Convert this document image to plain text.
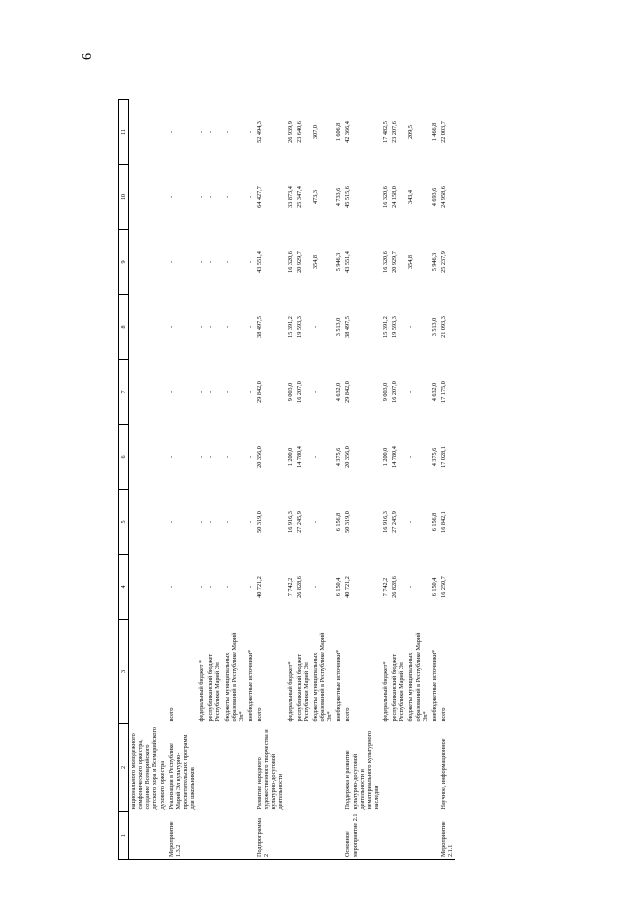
6
1	2	3	4	5	6	7	8	9	10	11
	национального молодежного симфонического оркестра, создание Всемарийского детского хора и Всемарийского духового оркестра									
Мероприятие 1.3.2	Реализация в Республике Марий Эл культурно-просветительских программ для школьников	всего	-	-	-	-	-	-	-	-
		федеральный бюджет *	-	-	-	-	-	-	-	-
		республиканский бюджет Республики Марий Эл	-	-	-	-	-	-	-	-
		бюджеты муниципальных образований в Республике Марий Эл*	-	-	-	-	-	-	-	-
		внебюджетные источники*	-	-	-	-	-	-	-	-
Подпрограмма 2	Развитие народного художественного творчества и культурно-досуговой деятельности	всего	40 721,2	50 319,0	20 356,0	29 842,0	38 497,5	43 551,4	64 427,7	52 494,3
		федеральный бюджет*	7 742,2	16 916,3	1 200,0	9 003,0	15 391,2	16 320,6	33 873,4	26 939,9
		республиканский бюджет Республики Марий Эл	26 828,6	27 245,9	14 780,4	16 207,0	19 593,3	20 929,7	25 347,4	23 640,6
		бюджеты муниципальных образований в Республике Марий Эл*	-	-	-	-	-	354,8	473,3	307,0
		внебюджетные источники*	6 150,4	6 156,8	4 375,6	4 632,0	3 513,0	5 946,3	4 733,6	1 606,8
Основное мероприятие 2.1	Поддержка и развитие культурно-досуговой деятельности и нематериального культурного наследия	всего	40 721,2	50 319,0	20 356,0	29 842,0	38 497,5	43 551,4	45 515,6	42 366,4
		федеральный бюджет*	7 742,2	16 916,3	1 200,0	9 003,0	15 391,2	16 320,6	16 320,6	17 482,5
		республиканский бюджет Республики Марий Эл	26 828,6	27 245,9	14 780,4	16 207,0	19 593,3	20 929,7	24 158,0	23 207,6
		бюджеты муниципальных образований в Республике Марий Эл*	-	-	-	-	-	354,8	343,4	209,5
		внебюджетные источники*	6 150,4	6 156,8	4 375,6	4 632,0	3 513,0	5 946,3	4 693,6	1 466,8
Мероприятие 2.1.1	Научное, информационное	всего	16 250,7	16 842,1	17 028,1	17 175,0	21 093,3	25 237,9	24 958,6	22 003,7
